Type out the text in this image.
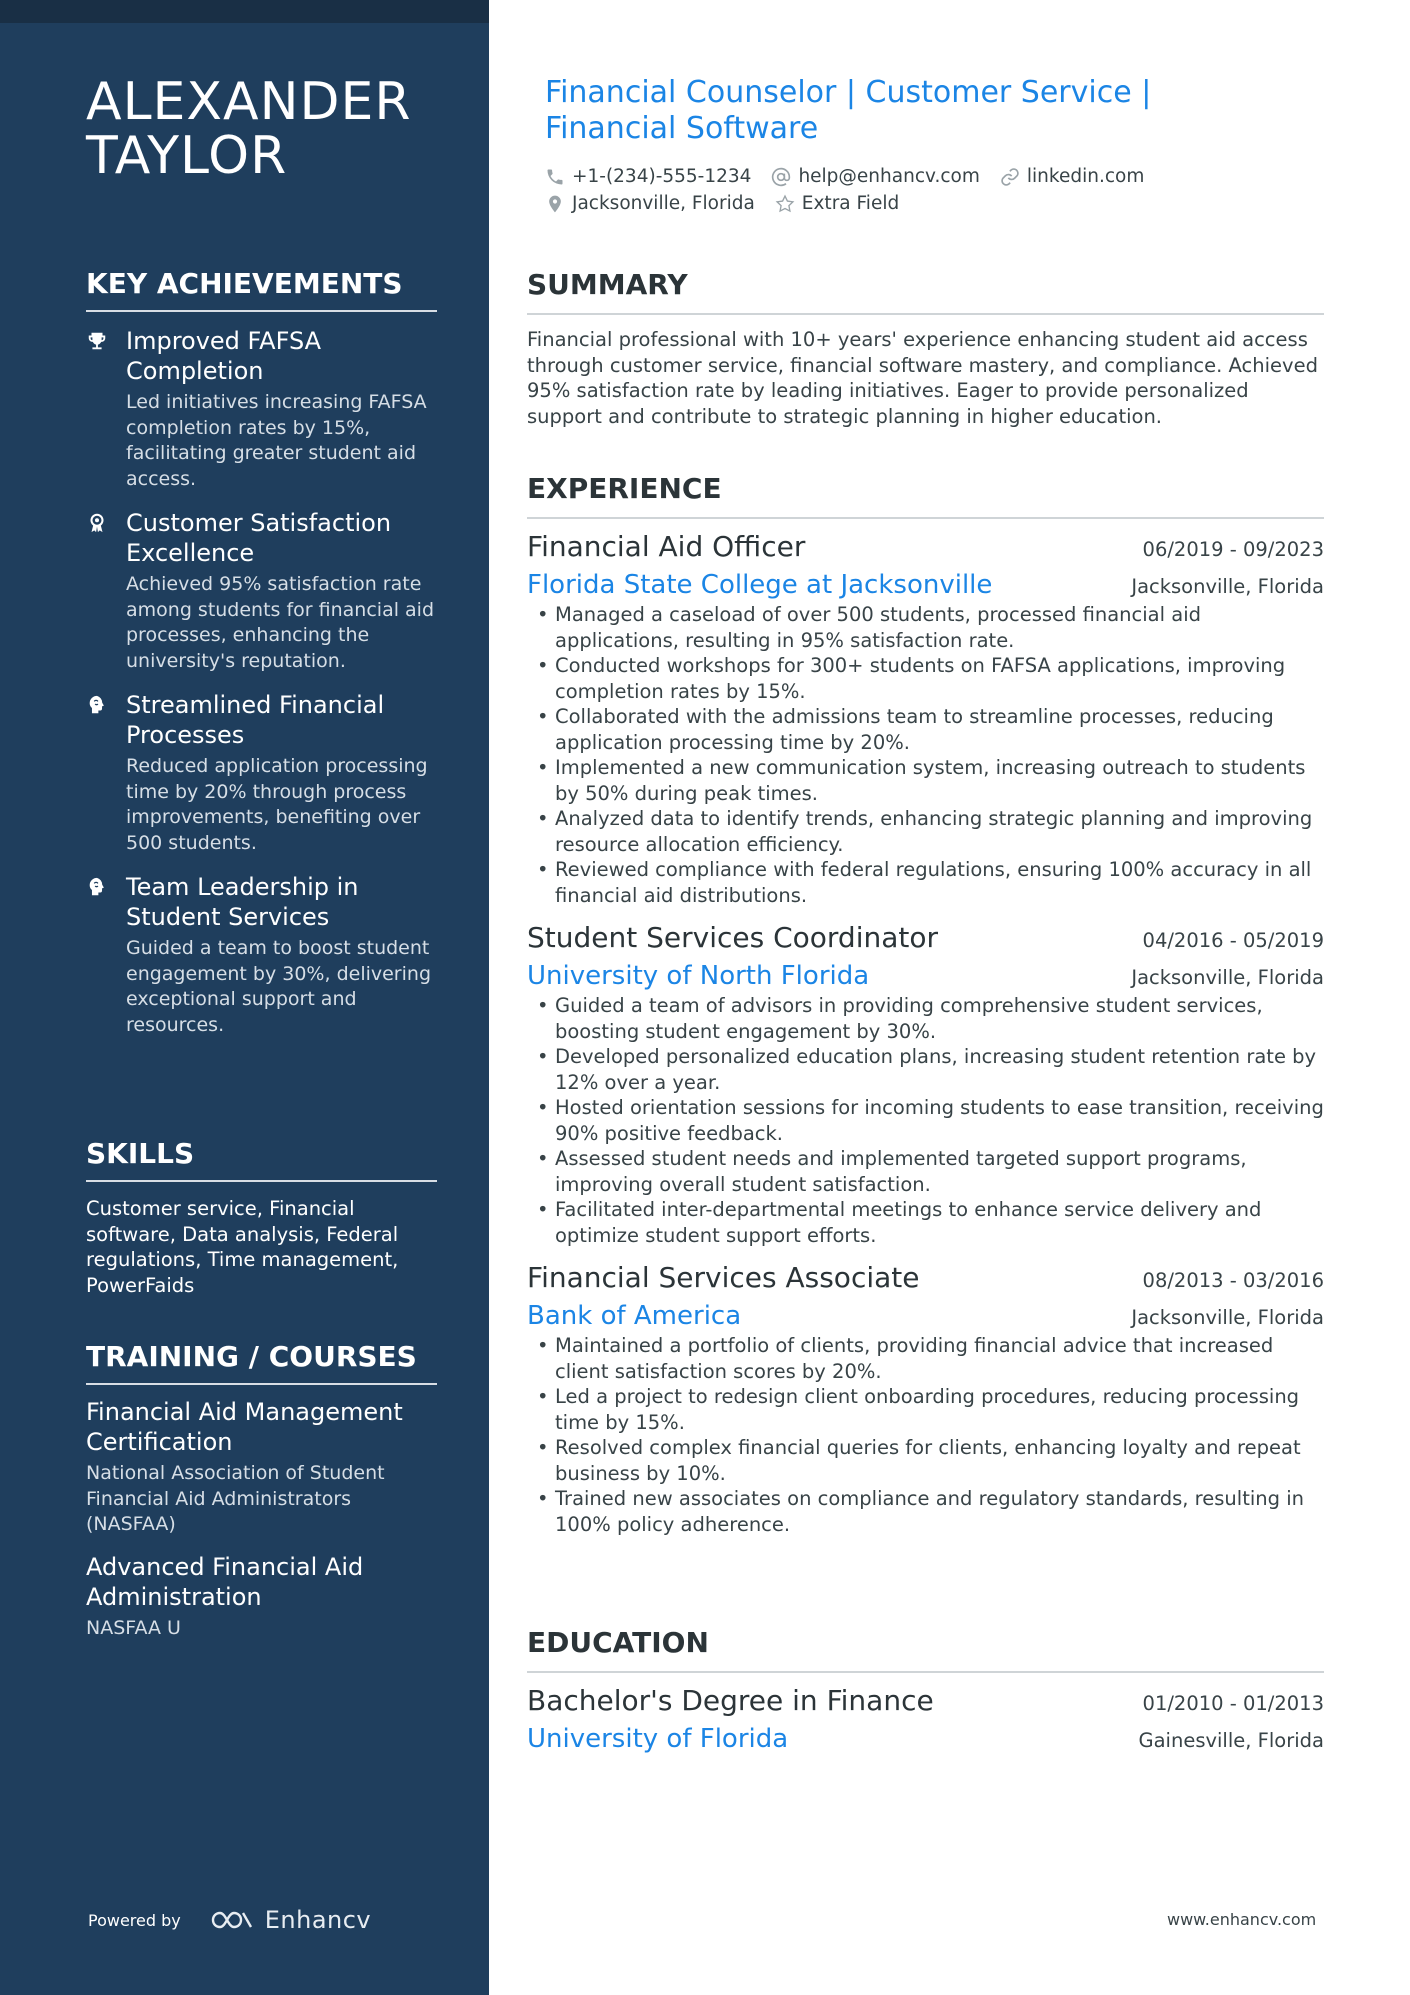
ALEXANDER TAYLOR
KEY ACHIEVEMENTS
Improved FAFSA Completion
Led initiatives increasing FAFSA completion rates by 15%, facilitating greater student aid access.
Customer Satisfaction Excellence
Achieved 95% satisfaction rate among students for financial aid processes, enhancing the university's reputation.
Streamlined Financial Processes
Reduced application processing time by 20% through process improvements, benefiting over 500 students.
Team Leadership in Student Services
Guided a team to boost student engagement by 30%, delivering exceptional support and resources.
SKILLS
Customer service, Financial software, Data analysis, Federal regulations, Time management, PowerFaids
TRAINING / COURSES
Financial Aid Management Certification
National Association of Student Financial Aid Administrators (NASFAA)
Advanced Financial Aid Administration
NASFAA U
Powered by	Enhancv
Financial Counselor | Customer Service | Financial Software
+1-(234)-555-1234	help@enhancv.com	linkedin.com
Jacksonville, Florida	Extra Field
SUMMARY
Financial professional with 10+ years' experience enhancing student aid access through customer service, financial software mastery, and compliance. Achieved 95% satisfaction rate by leading initiatives. Eager to provide personalized support and contribute to strategic planning in higher education.
EXPERIENCE
Financial Aid Officer	06/2019 - 09/2023
Florida State College at Jacksonville	Jacksonville, Florida
• Managed a caseload of over 500 students, processed financial aid applications, resulting in 95% satisfaction rate.
• Conducted workshops for 300+ students on FAFSA applications, improving completion rates by 15%.
• Collaborated with the admissions team to streamline processes, reducing application processing time by 20%.
• Implemented a new communication system, increasing outreach to students by 50% during peak times.
• Analyzed data to identify trends, enhancing strategic planning and improving resource allocation efficiency.
• Reviewed compliance with federal regulations, ensuring 100% accuracy in all financial aid distributions.
Student Services Coordinator	04/2016 - 05/2019
University of North Florida	Jacksonville, Florida
• Guided a team of advisors in providing comprehensive student services, boosting student engagement by 30%.
• Developed personalized education plans, increasing student retention rate by 12% over a year.
• Hosted orientation sessions for incoming students to ease transition, receiving 90% positive feedback.
• Assessed student needs and implemented targeted support programs, improving overall student satisfaction.
• Facilitated inter-departmental meetings to enhance service delivery and optimize student support efforts.
Financial Services Associate	08/2013 - 03/2016
Bank of America	Jacksonville, Florida
• Maintained a portfolio of clients, providing financial advice that increased client satisfaction scores by 20%.
• Led a project to redesign client onboarding procedures, reducing processing time by 15%.
• Resolved complex financial queries for clients, enhancing loyalty and repeat business by 10%.
• Trained new associates on compliance and regulatory standards, resulting in 100% policy adherence.
EDUCATION
Bachelor's Degree in Finance	01/2010 - 01/2013
University of Florida	Gainesville, Florida
www.enhancv.com
